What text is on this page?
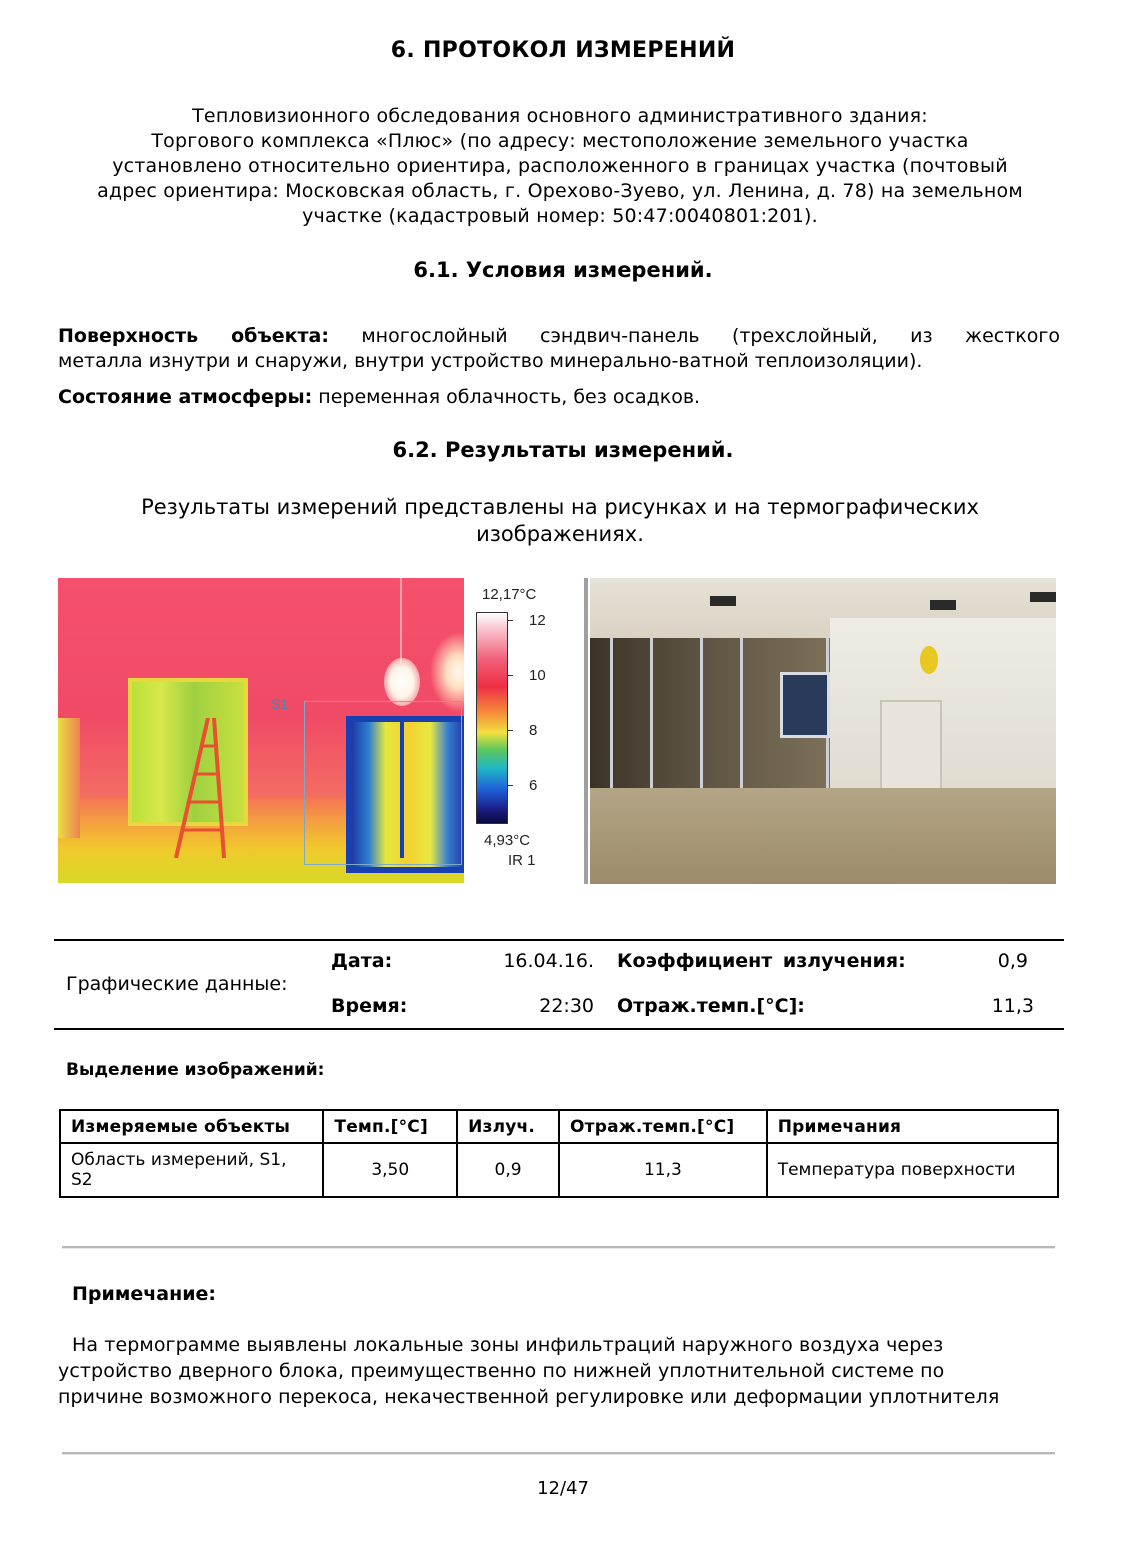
6. ПРОТОКОЛ ИЗМЕРЕНИЙ
Тепловизионного обследования основного административного здания:
Торгового комплекса «Плюс» (по адресу: местоположение земельного участка
установлено относительно ориентира, расположенного в границах участка (почтовый
адрес ориентира: Московская область, г. Орехово-Зуево, ул. Ленина, д. 78) на земельном
участке (кадастровый номер: 50:47:0040801:201).
6.1. Условия измерений.
Поверхность объекта: многослойный сэндвич-панель (трехслойный, из жесткого
металла изнутри и снаружи, внутри устройство минерально-ватной теплоизоляции).
Состояние атмосферы: переменная облачность, без осадков.
6.2. Результаты измерений.
Результаты измерений представлены на рисунках и на термографических
изображениях.
S1
12,17°C
12
10
8
6
4,93°C
IR 1
Графические данные:
Дата:	16.04.16.
Время:	22:30
Коэффициент излучения:	0,9
Отраж.темп.[°C]:	11,3
Выделение изображений:
Измеряемые объекты	Темп.[°C]	Излуч.	Отраж.темп.[°C]	Примечания
Область измерений, S1, S2	3,50	0,9	11,3	Температура поверхности
Примечание:
На термограмме выявлены локальные зоны инфильтраций наружного воздуха через
устройство дверного блока, преимущественно по нижней уплотнительной системе по
причине возможного перекоса, некачественной регулировке или деформации уплотнителя
12/47
